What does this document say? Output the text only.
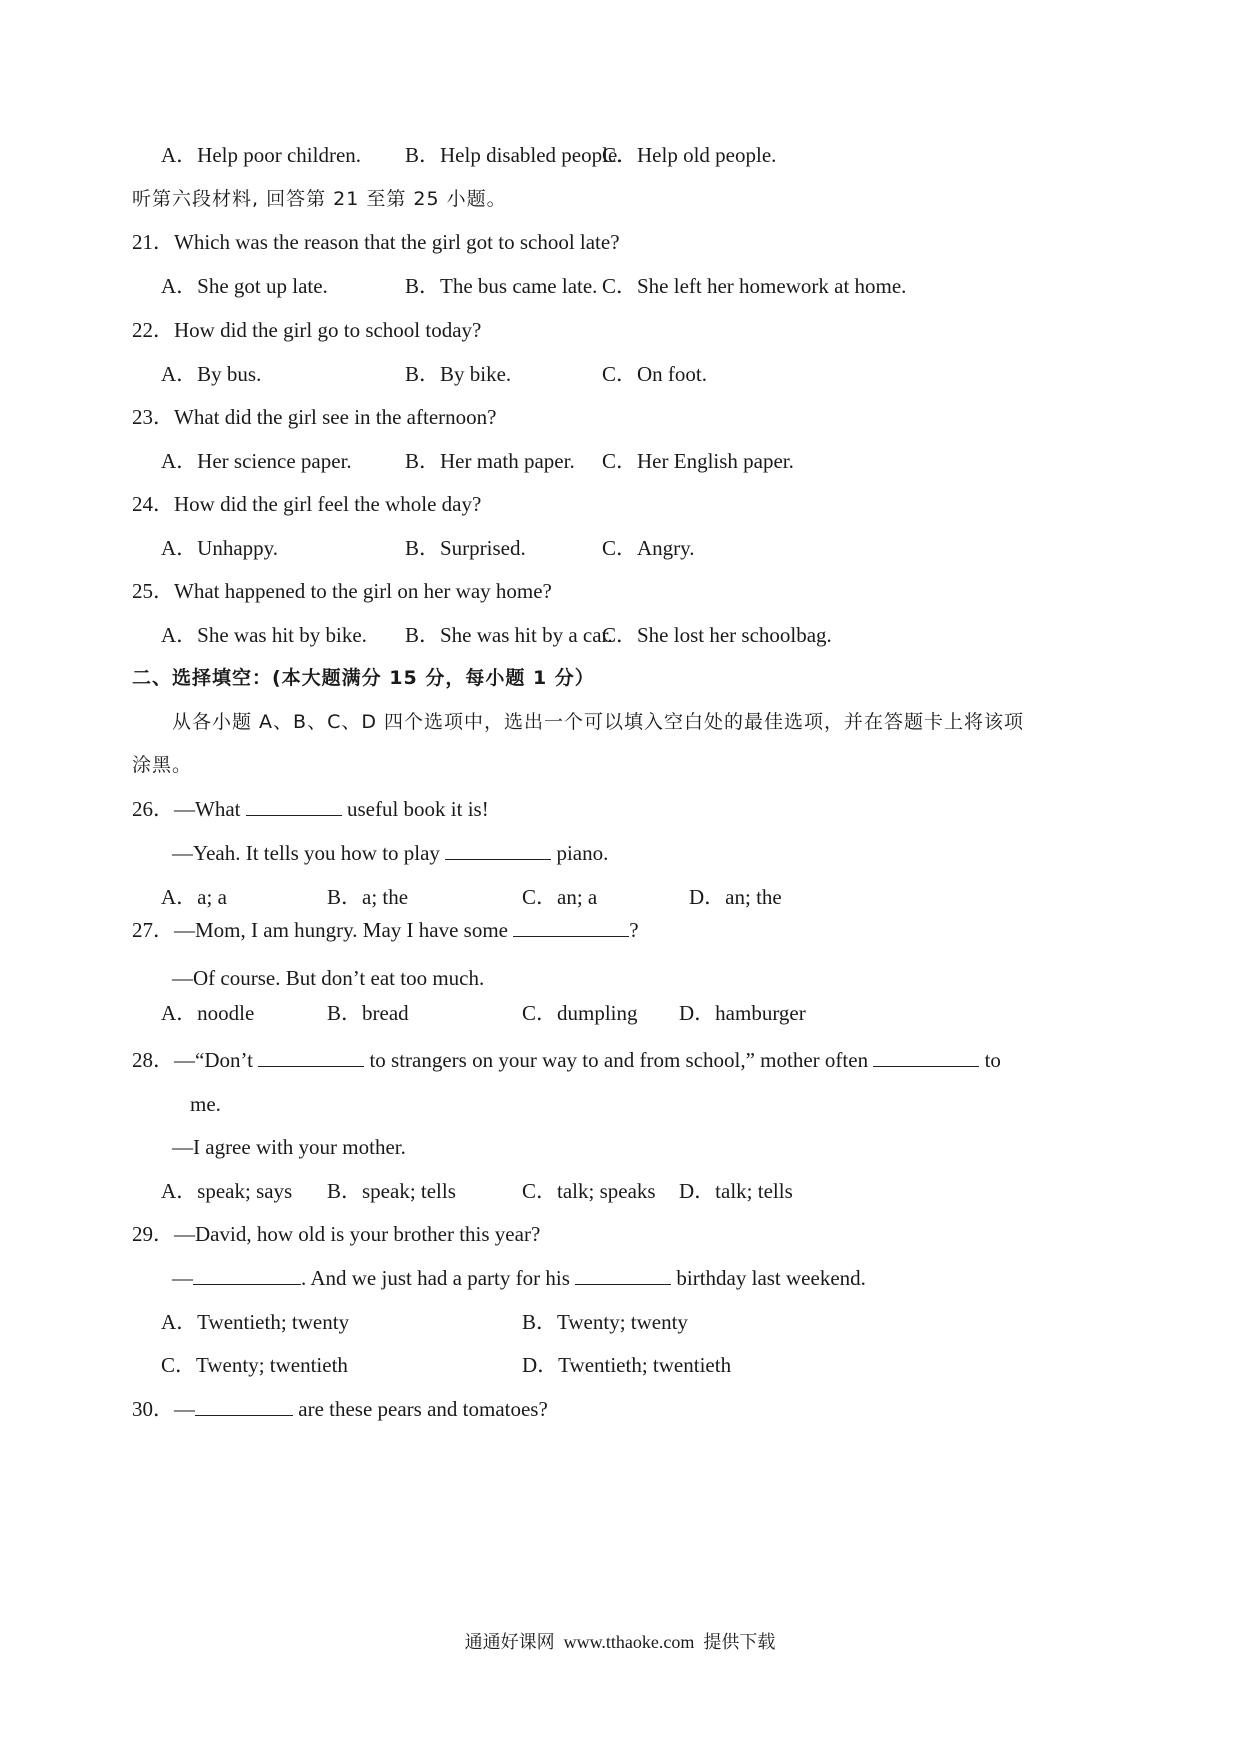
A．Help poor children. B．Help disabled people.
C．Help old people.
听第六段材料, 回答第 21 至第 25 小题。
21．Which was the reason that the girl got to school late?
A．She got up late.	B．The bus came late. C．She left her homework at home.
22．How did the girl go to school today?
A．By bus.	B．By bike.	C．On foot.
23．What did the girl see in the afternoon?
A．Her science paper.	B．Her math paper. C．Her English paper.
24．How did the girl feel the whole day?
A．Unhappy.	B．Surprised.	C．Angry.
25．What happened to the girl on her way home?
A．She was hit by bike. B．She was hit by a car.
C．She lost her schoolbag.
二、选择填空：(本大题满分 15 分，每小题 1 分）
从各小题 A、B、C、D 四个选项中，选出一个可以填入空白处的最佳选项，并在答题卡上将该项
涂黑。
26．—What	useful book it is!
—Yeah. It tells you how to play	piano.
A．a; a	B．a; the	C．an; a	D．an; the
27．—Mom, I am hungry. May I have some	?
—Of course. But don’t eat too much.
A．noodle	B．bread	C．dumpling D．hamburger
28．—“Don’t	to strangers on your way to and from school,” mother often	to
me.
—I agree with your mother.
A．speak; says B．speak; tells	C．talk; speaks D．talk; tells
29．—David, how old is your brother this year?
—	. And we just had a party for his	birthday last weekend.
A．Twentieth; twenty	B．Twenty; twenty
C．Twenty; twentieth	D．Twentieth; twentieth
30．—	are these pears and tomatoes?
通通好课网 www.tthaoke.com 提供下载
